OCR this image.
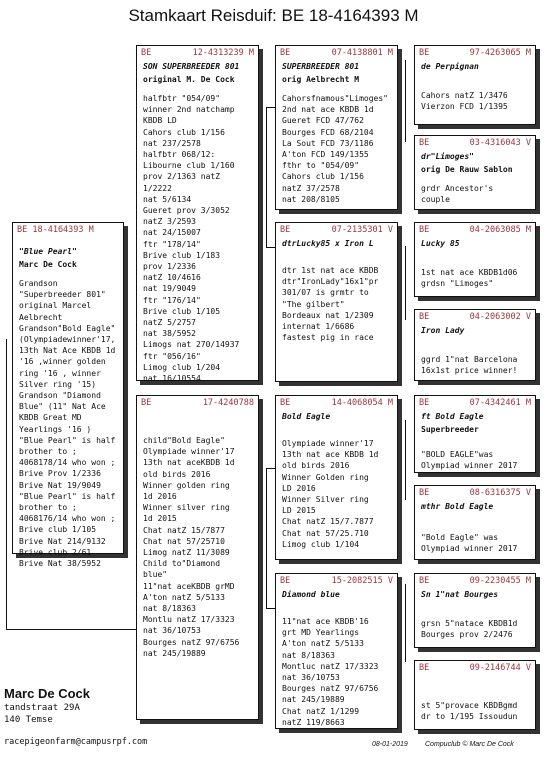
Stamkaart Reisduif: BE 18-4164393 M
BE 18-4164393 M
"Blue Pearl"
Marc De Cock
Grandson
"Superbreeder 801"
original Marcel
Aelbrecht
Grandson"Bold Eagle"
(Olympiadewinner'17,
13th Nat Ace KBDB 1d
'16 ,winner golden
ring '16 , winner
Silver ring '15)
Grandson "Diamond
Blue" (11" Nat Ace
KBDB Great MD
Yearlings '16 )
"Blue Pearl" is half
brother to ;
4068178/14 who won ;
Brive Prov 1/2336
Brive Nat 19/9049
"Blue Pearl" is half
brother to ;
4068176/14 who won ;
Brive club 1/105
Brive Nat 214/9132
Brive club 2/61
Brive Nat 38/5952
BE	12-4313239 M
SON SUPERBREEDER 801
original M. De Cock
halfbtr "054/09"
winner 2nd natchamp
KBDB LD
Cahors club 1/156
nat 237/2578
halfbtr 068/12:
Libourne club 1/160
prov 2/1363 natZ
1/2222
nat 5/6134
Gueret prov 3/3052
natZ 3/2593
nat 24/15007
ftr "178/14"
Brive club 1/183
prov 1/2336
natZ 10/4616
nat 19/9049
ftr "176/14"
Brive club 1/105
natZ 5/2757
nat 38/5952
Limogs nat 270/14937
ftr "056/16"
Limog club 1/204
nat 16/10554
BE	17-4240788
child"Bold Eagle"
Olympiade winner'17
13th nat aceKBDB 1d
old birds 2016
Winner golden ring
1d 2016
Winner silver ring
1d 2015
Chat natZ 15/7877
Chat nat 57/25710
Limog natZ 11/3089
Child to"Diamond
blue"
11"nat aceKBDB grMD
A'ton natZ 5/5133
nat 8/18363
Montlu natZ 17/3323
nat 36/10753
Bourges natZ 97/6756
nat 245/19889
BE	07-4138801 M
SUPERBREEDER 801
orig Aelbrecht M
Cahorsfnamous"Limoges"
2nd nat ace KBDB 1d
Gueret FCD 47/762
Bourges FCD 68/2104
La Sout FCD 73/1186
A'ton FCD 149/1355
fthr to "054/09"
Cahors club 1/156
natZ 37/2578
nat 208/8105
BE	07-2135301 V
dtrLucky85 x Iron L
dtr 1st nat ace KBDB
dtr"IronLady"16x1"pr
301/07 is grmtr to
"The gilbert"
Bordeaux nat 1/2309
internat 1/6686
fastest pig in race
BE	14-4068054 M
Bold Eagle
Olympiade winner'17
13th nat ace KBDB 1d
old birds 2016
Winner Golden ring
LD 2016
Winner Silver ring
LD 2015
Chat natZ 15/7.7877
Chat nat 57/25.710
Limog club 1/104
BE	15-2082515 V
Diamond blue
11"nat ace KBDB'16
grt MD Yearlings
A'ton natZ 5/5133
nat 8/18363
Montluc natZ 17/3323
nat 36/10753
Bourges natZ 97/6756
nat 245/19889
Chat natZ 1/1299
natZ 119/8663
BE	97-4263065 M
de Perpignan
Cahors natZ 1/3476
Vierzon FCD 1/1395
BE	03-4316043 V
dr"Limoges"
orig De Rauw Sablon
grdr Ancestor's
couple
BE	04-2063085 M
Lucky 85
1st nat ace KBDB1d06
grdsn "Limoges"
BE	04-2063002 V
Iron Lady
ggrd 1"nat Barcelona
16x1st price winner!
BE	07-4342461 M
ft Bold Eagle
Superbreeder
"BOLD EAGLE"was
Olympiad winner 2017
BE	08-6316375 V
mthr Bold Eagle
"Bold Eagle" was
Olympiad winner 2017
BE	09-2230455 M
Sn 1"nat Bourges
grsn 5"natace KBDB1d
Bourges prov 2/2476
BE	09-2146744 V
st 5"provace KBDBgmd
dr to 1/195 Issoudun
Marc De Cock
tandstraat 29A
140 Temse
racepigeonfarm@campusrpf.com	08-01-2019 Compuclub © Marc De Cock
